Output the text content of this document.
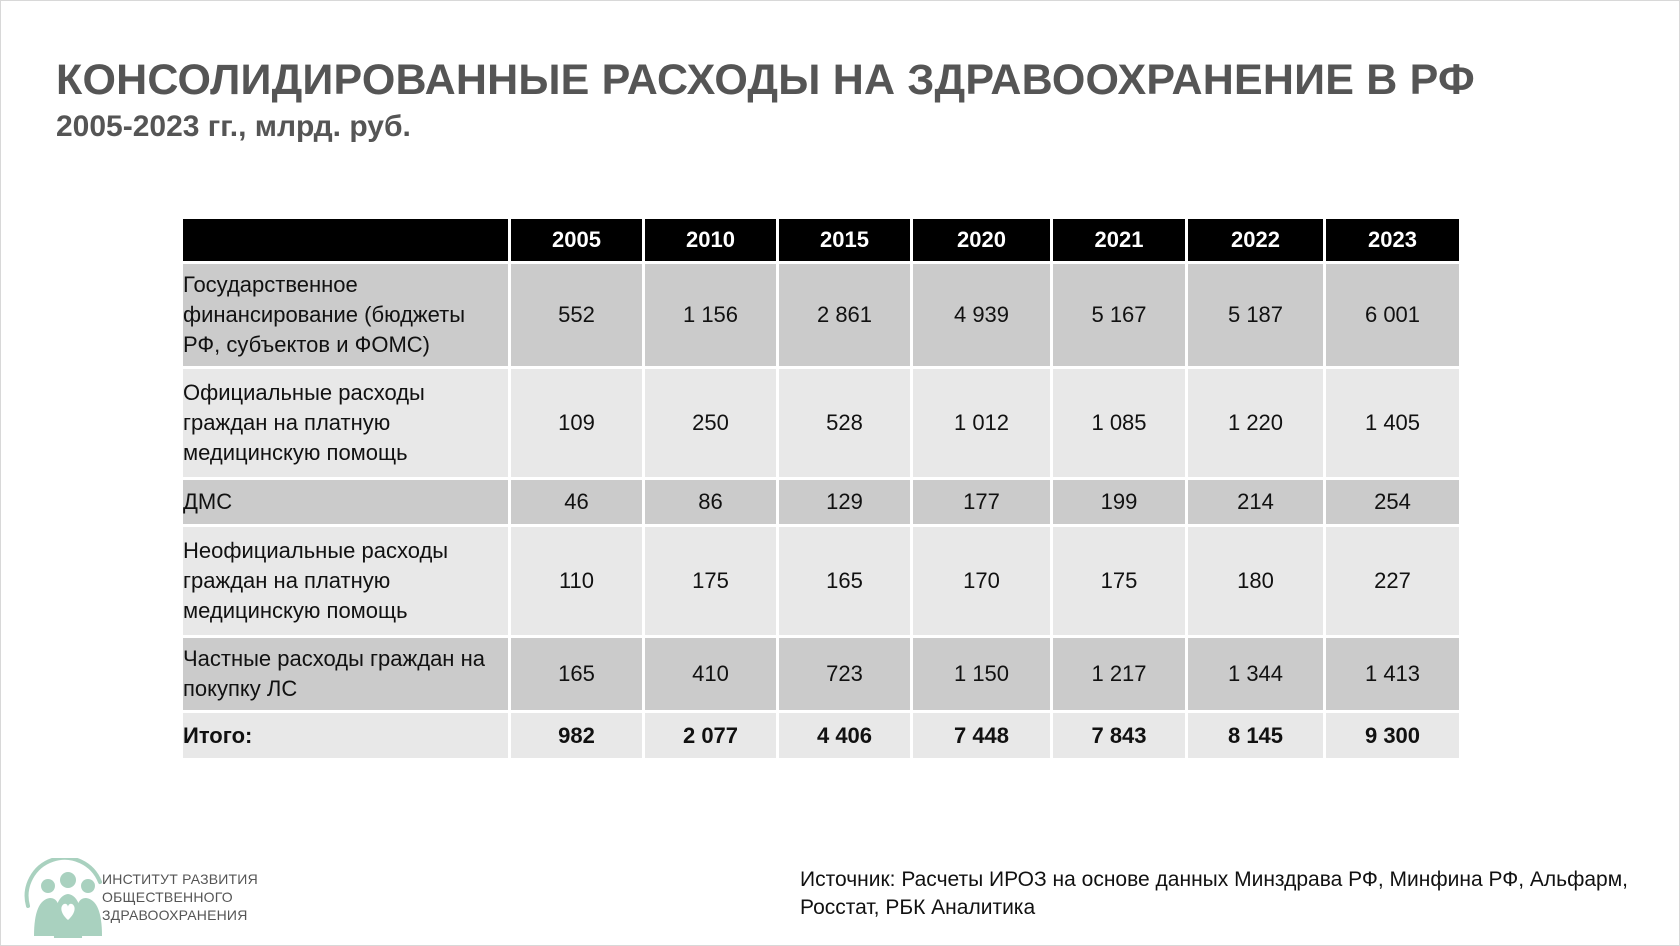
КОНСОЛИДИРОВАННЫЕ РАСХОДЫ НА ЗДРАВООХРАНЕНИЕ В РФ
2005-2023 гг., млрд. руб.
	2005	2010	2015	2020	2021	2022	2023
Государственное финансирование (бюджеты РФ, субъектов и ФОМС)	552	1 156	2 861	4 939	5 167	5 187	6 001
Официальные расходы граждан на платную медицинскую помощь	109	250	528	1 012	1 085	1 220	1 405
ДМС	46	86	129	177	199	214	254
Неофициальные расходы граждан на платную медицинскую помощь	110	175	165	170	175	180	227
Частные расходы граждан на покупку ЛС	165	410	723	1 150	1 217	1 344	1 413
Итого:	982	2 077	4 406	7 448	7 843	8 145	9 300
ИНСТИТУТ РАЗВИТИЯ
ОБЩЕСТВЕННОГО
ЗДРАВООХРАНЕНИЯ
Источник: Расчеты ИРОЗ на основе данных Минздрава РФ, Минфина РФ, Альфарм, Росстат, РБК Аналитика
